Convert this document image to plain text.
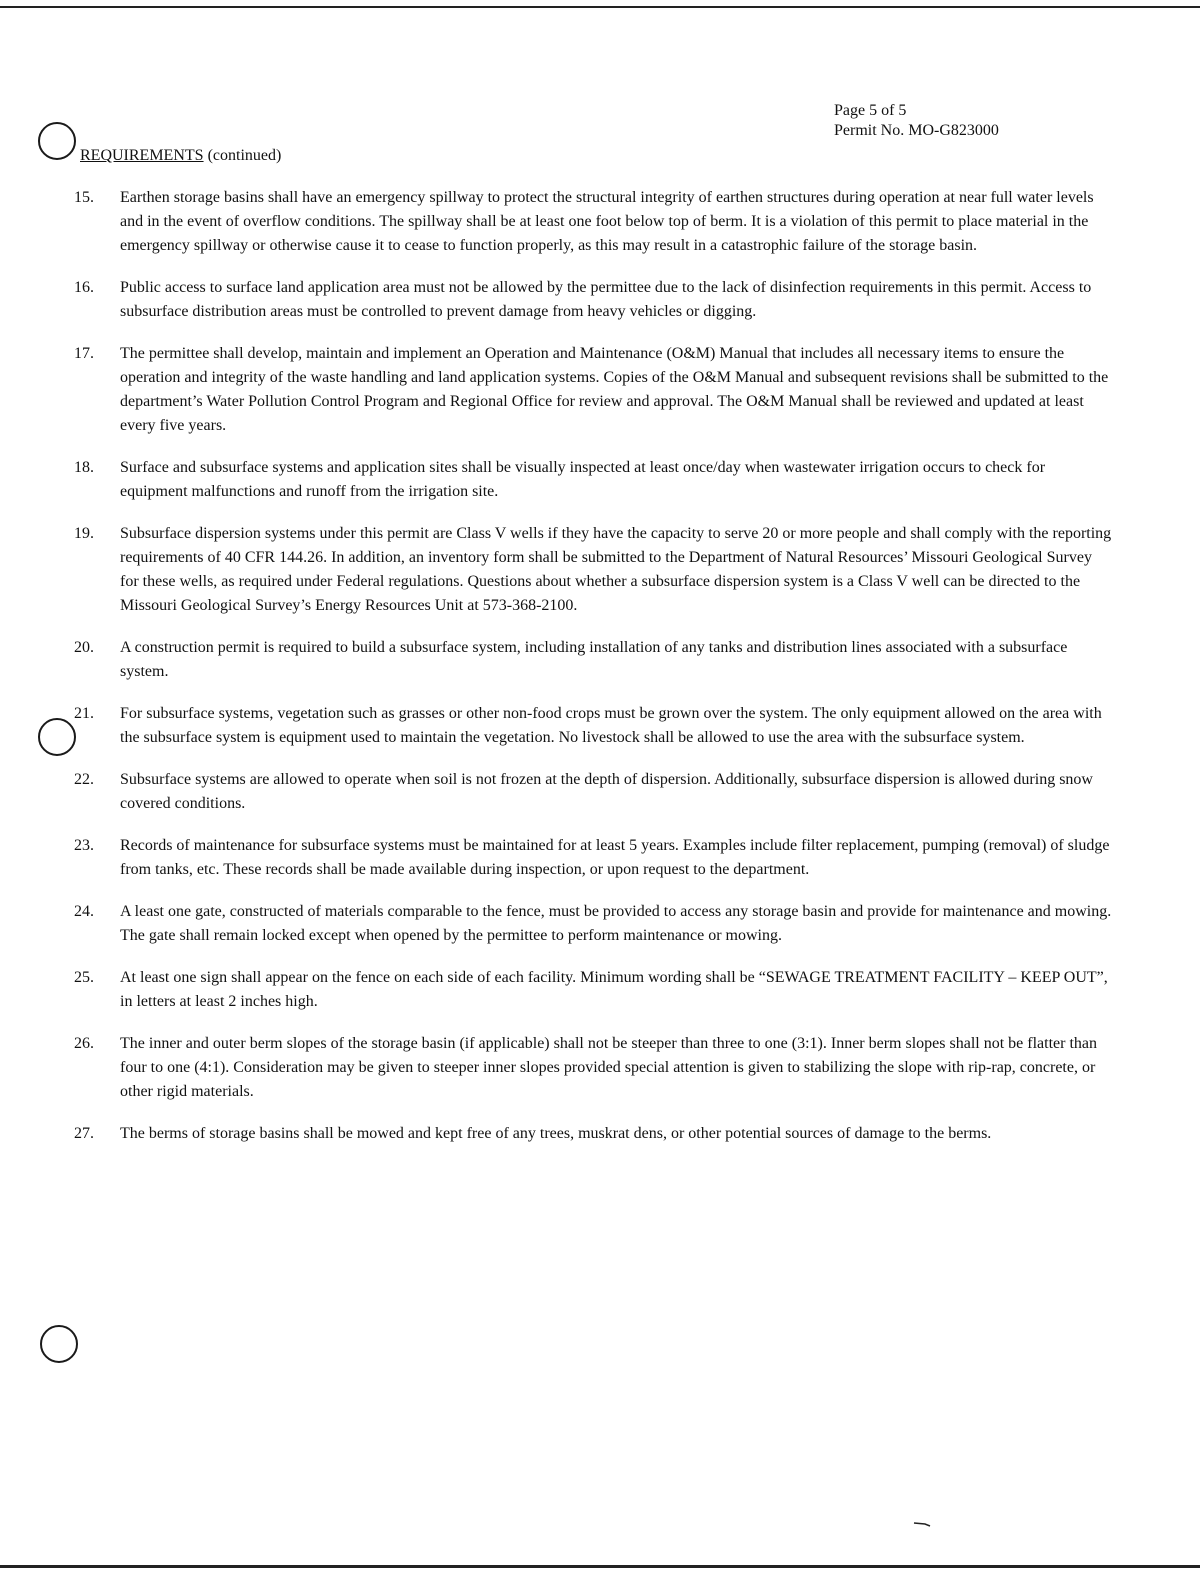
Page 5 of 5
Permit No. MO-G823000
REQUIREMENTS (continued)
15.	Earthen storage basins shall have an emergency spillway to protect the structural integrity of earthen structures during operation at near full water levels and in the event of overflow conditions. The spillway shall be at least one foot below top of berm. It is a violation of this permit to place material in the emergency spillway or otherwise cause it to cease to function properly, as this may result in a catastrophic failure of the storage basin.
16.	Public access to surface land application area must not be allowed by the permittee due to the lack of disinfection requirements in this permit. Access to subsurface distribution areas must be controlled to prevent damage from heavy vehicles or digging.
17.	The permittee shall develop, maintain and implement an Operation and Maintenance (O&M) Manual that includes all necessary items to ensure the operation and integrity of the waste handling and land application systems. Copies of the O&M Manual and subsequent revisions shall be submitted to the department’s Water Pollution Control Program and Regional Office for review and approval. The O&M Manual shall be reviewed and updated at least every five years.
18.	Surface and subsurface systems and application sites shall be visually inspected at least once/day when wastewater irrigation occurs to check for equipment malfunctions and runoff from the irrigation site.
19.	Subsurface dispersion systems under this permit are Class V wells if they have the capacity to serve 20 or more people and shall comply with the reporting requirements of 40 CFR 144.26. In addition, an inventory form shall be submitted to the Department of Natural Resources’ Missouri Geological Survey for these wells, as required under Federal regulations. Questions about whether a subsurface dispersion system is a Class V well can be directed to the Missouri Geological Survey’s Energy Resources Unit at 573-368-2100.
20.	A construction permit is required to build a subsurface system, including installation of any tanks and distribution lines associated with a subsurface system.
21.	For subsurface systems, vegetation such as grasses or other non-food crops must be grown over the system. The only equipment allowed on the area with the subsurface system is equipment used to maintain the vegetation. No livestock shall be allowed to use the area with the subsurface system.
22.	Subsurface systems are allowed to operate when soil is not frozen at the depth of dispersion. Additionally, subsurface dispersion is allowed during snow covered conditions.
23.	Records of maintenance for subsurface systems must be maintained for at least 5 years. Examples include filter replacement, pumping (removal) of sludge from tanks, etc. These records shall be made available during inspection, or upon request to the department.
24.	A least one gate, constructed of materials comparable to the fence, must be provided to access any storage basin and provide for maintenance and mowing. The gate shall remain locked except when opened by the permittee to perform maintenance or mowing.
25.	At least one sign shall appear on the fence on each side of each facility. Minimum wording shall be “SEWAGE TREATMENT FACILITY – KEEP OUT”, in letters at least 2 inches high.
26.	The inner and outer berm slopes of the storage basin (if applicable) shall not be steeper than three to one (3:1). Inner berm slopes shall not be flatter than four to one (4:1). Consideration may be given to steeper inner slopes provided special attention is given to stabilizing the slope with rip-rap, concrete, or other rigid materials.
27.	The berms of storage basins shall be mowed and kept free of any trees, muskrat dens, or other potential sources of damage to the berms.
